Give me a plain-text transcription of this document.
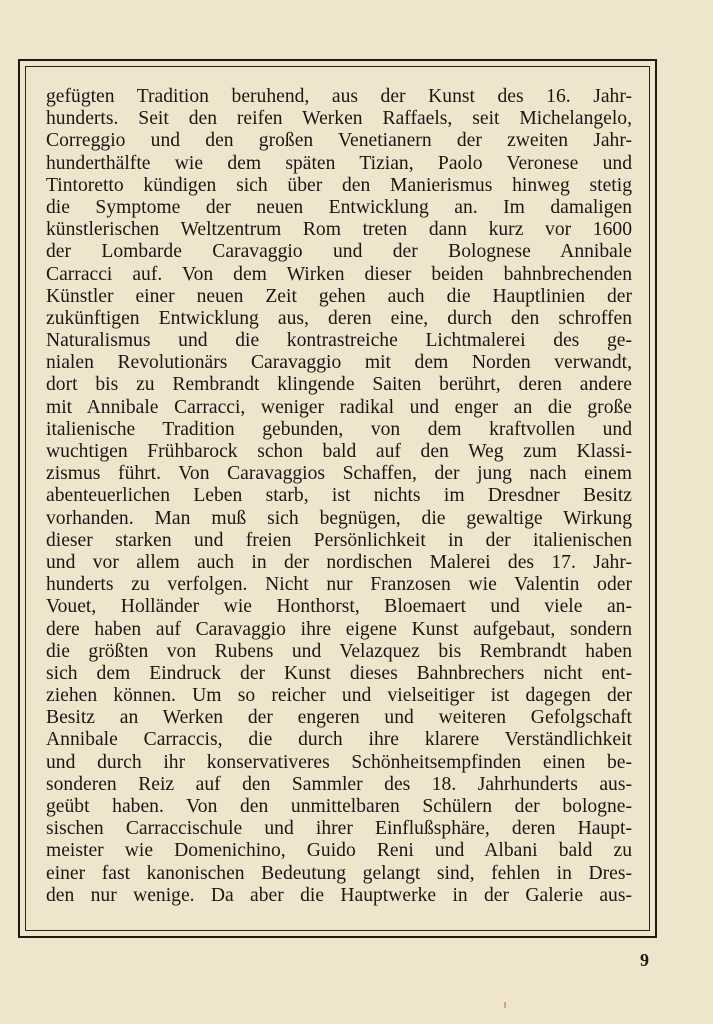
gefügten Tradition beruhend, aus der Kunst des 16. Jahr-
hunderts. Seit den reifen Werken Raffaels, seit Michelangelo,
Correggio und den großen Venetianern der zweiten Jahr-
hunderthälfte wie dem späten Tizian, Paolo Veronese und
Tintoretto kündigen sich über den Manierismus hinweg stetig
die Symptome der neuen Entwicklung an. Im damaligen
künstlerischen Weltzentrum Rom treten dann kurz vor 1600
der Lombarde Caravaggio und der Bolognese Annibale
Carracci auf. Von dem Wirken dieser beiden bahnbrechenden
Künstler einer neuen Zeit gehen auch die Hauptlinien der
zukünftigen Entwicklung aus, deren eine, durch den schroffen
Naturalismus und die kontrastreiche Lichtmalerei des ge-
nialen Revolutionärs Caravaggio mit dem Norden verwandt,
dort bis zu Rembrandt klingende Saiten berührt, deren andere
mit Annibale Carracci, weniger radikal und enger an die große
italienische Tradition gebunden, von dem kraftvollen und
wuchtigen Frühbarock schon bald auf den Weg zum Klassi-
zismus führt. Von Caravaggios Schaffen, der jung nach einem
abenteuerlichen Leben starb, ist nichts im Dresdner Besitz
vorhanden. Man muß sich begnügen, die gewaltige Wirkung
dieser starken und freien Persönlichkeit in der italienischen
und vor allem auch in der nordischen Malerei des 17. Jahr-
hunderts zu verfolgen. Nicht nur Franzosen wie Valentin oder
Vouet, Holländer wie Honthorst, Bloemaert und viele an-
dere haben auf Caravaggio ihre eigene Kunst aufgebaut, sondern
die größten von Rubens und Velazquez bis Rembrandt haben
sich dem Eindruck der Kunst dieses Bahnbrechers nicht ent-
ziehen können. Um so reicher und vielseitiger ist dagegen der
Besitz an Werken der engeren und weiteren Gefolgschaft
Annibale Carraccis, die durch ihre klarere Verständlichkeit
und durch ihr konservativeres Schönheitsempfinden einen be-
sonderen Reiz auf den Sammler des 18. Jahrhunderts aus-
geübt haben. Von den unmittelbaren Schülern der bologne-
sischen Carraccischule und ihrer Einflußsphäre, deren Haupt-
meister wie Domenichino, Guido Reni und Albani bald zu
einer fast kanonischen Bedeutung gelangt sind, fehlen in Dres-
den nur wenige. Da aber die Hauptwerke in der Galerie aus-
9
